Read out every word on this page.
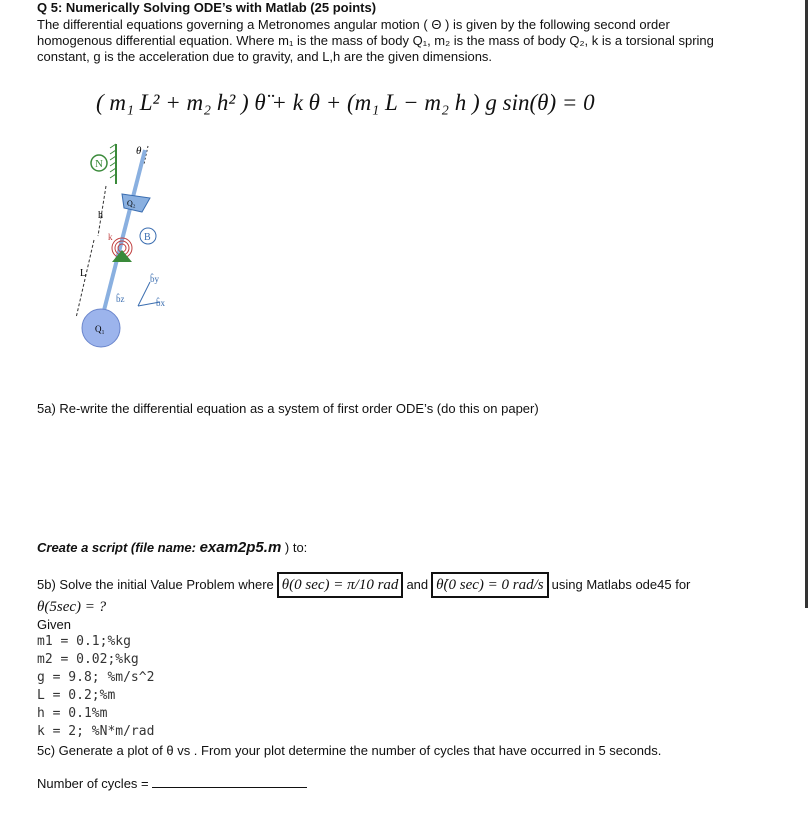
Q 5: Numerically Solving ODE’s with Matlab (25 points)
The differential equations governing a Metronomes angular motion ( Θ ) is given by the following second order
homogenous differential equation. Where m₁ is the mass of body Q₁, m₂ is the mass of body Q₂, k is a torsional spring
constant, g is the acceleration due to gravity, and L,h are the given dimensions.
( m₁ L² + m₂ h² ) θ̈ + k θ + (m₁ L − m₂ h ) g sin(θ) = 0
N
θ
Q₂
B
h
L
k
b̂y
b̂x
b̂z
Q₁
5a) Re-write the differential equation as a system of first order ODE’s (do this on paper)
Create a script (file name: exam2p5.m ) to:
5b) Solve the initial Value Problem where θ(0 sec) = π/10 rad and θ̇(0 sec) = 0 rad/s using Matlabs ode45 for
θ(5sec) = ?
Given
m1 = 0.1;%kg
m2 = 0.02;%kg
g = 9.8; %m/s^2
L = 0.2;%m
h = 0.1%m
k = 2; %N*m/rad
5c) Generate a plot of θ vs . From your plot determine the number of cycles that have occurred in 5 seconds.
Number of cycles =
